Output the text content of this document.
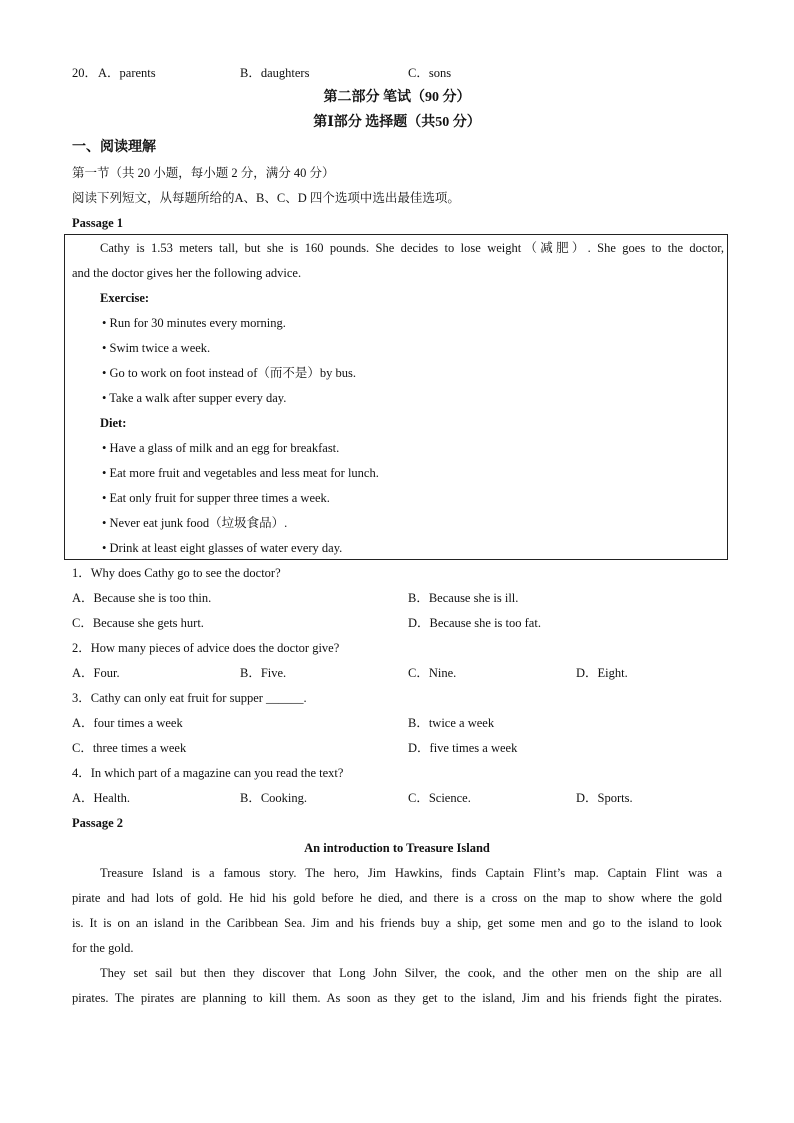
20． A．parents	B．daughters	C．sons
第二部分 笔试（90 分）
第Ⅰ部分 选择题（共50 分）
一、阅读理解
第一节（共 20 小题，每小题 2 分，满分 40 分）
阅读下列短文，从每题所给的A、B、C、D 四个选项中选出最佳选项。
Passage 1
Cathy is 1.53 meters tall, but she is 160 pounds. She decides to lose weight（减肥）. She goes to the doctor,
and the doctor gives her the following advice.
Exercise:
• Run for 30 minutes every morning.
• Swim twice a week.
• Go to work on foot instead of（而不是）by bus.
• Take a walk after supper every day.
Diet:
• Have a glass of milk and an egg for breakfast.
• Eat more fruit and vegetables and less meat for lunch.
• Eat only fruit for supper three times a week.
• Never eat junk food（垃圾食品）.
• Drink at least eight glasses of water every day.
1．Why does Cathy go to see the doctor?
A．Because she is too thin.	B．Because she is ill.
C．Because she gets hurt.	D．Because she is too fat.
2．How many pieces of advice does the doctor give?
A．Four.	B．Five.	C．Nine.	D．Eight.
3．Cathy can only eat fruit for supper ______.
A．four times a week	B．twice a week
C．three times a week	D．five times a week
4．In which part of a magazine can you read the text?
A．Health.	B．Cooking.	C．Science.	D．Sports.
Passage 2
An introduction to Treasure Island
Treasure Island is a famous story. The hero, Jim Hawkins, finds Captain Flint’s map. Captain Flint was a
pirate and had lots of gold. He hid his gold before he died, and there is a cross on the map to show where the gold
is. It is on an island in the Caribbean Sea. Jim and his friends buy a ship, get some men and go to the island to look
for the gold.
They set sail but then they discover that Long John Silver, the cook, and the other men on the ship are all
pirates. The pirates are planning to kill them. As soon as they get to the island, Jim and his friends fight the pirates.
